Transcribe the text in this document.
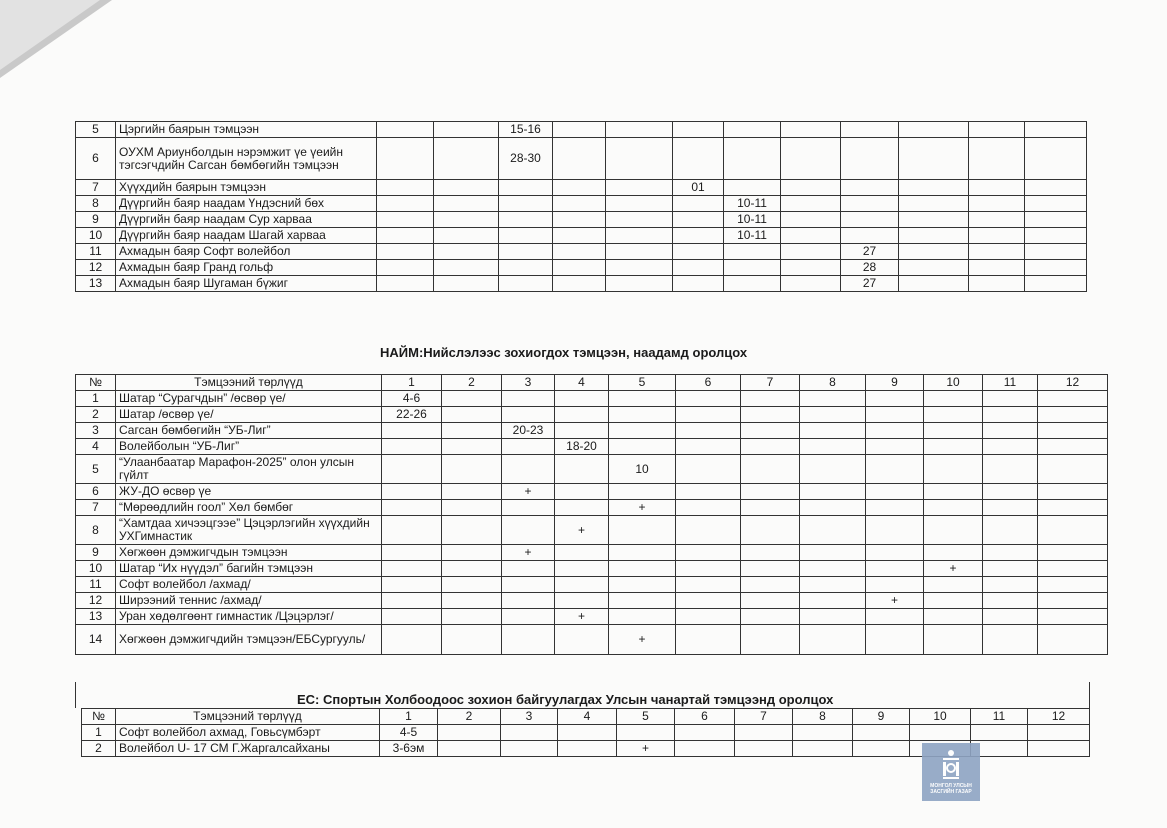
5	Цэргийн баярын тэмцээн			15-16									
6	ОУХМ Ариунболдын нэрэмжит үе үеийн тэгсэгчдийн Сагсан бөмбөгийн тэмцээн			28-30									
7	Хүүхдийн баярын тэмцээн						01						
8	Дүүргийн баяр наадам Үндэсний бөх							10-11					
9	Дүүргийн баяр наадам Сур харваа							10-11					
10	Дүүргийн баяр наадам Шагай харваа							10-11					
11	Ахмадын баяр Софт волейбол									27			
12	Ахмадын баяр Гранд гольф									28			
13	Ахмадын баяр Шугаман бүжиг									27			
НАЙМ:Нийслэлээс зохиогдох тэмцээн, наадамд оролцох
№	Тэмцээний төрлүүд	1	2	3	4	5	6	7	8	9	10	11	12
1	Шатар “Сурагчдын” /өсвөр үе/	4-6											
2	Шатар /өсвөр үе/	22-26											
3	Сагсан бөмбөгийн “УБ-Лиг”			20-23									
4	Волейболын “УБ-Лиг”				18-20								
5	“Улаанбаатар Марафон-2025” олон улсын гүйлт					10							
6	ЖУ-ДО өсвөр үе			+									
7	“Мөрөөдлийн гоол” Хөл бөмбөг					+							
8	“Хамтдаа хичээцгээе” Цэцэрлэгийн хүүхдийн УХГимнастик				+								
9	Хөгжөөн дэмжигчдын тэмцээн			+									
10	Шатар “Их нүүдэл” багийн тэмцээн										+		
11	Софт волейбол /ахмад/												
12	Ширээний теннис /ахмад/									+			
13	Уран хөдөлгөөнт гимнастик /Цэцэрлэг/				+								
14	Хөгжөөн дэмжигчдийн тэмцээн/ЕБСургууль/					+							
ЕС: Спортын Холбоодоос зохион байгуулагдах Улсын чанартай тэмцээнд оролцох
№	Тэмцээний төрлүүд	1	2	3	4	5	6	7	8	9	10	11	12
1	Софт волейбол ахмад, Говьсүмбэрт	4-5											
2	Волейбол U- 17 СМ Г.Жаргалсайханы	3-6эм				+							
МОНГОЛ УЛСЫН
ЗАСГИЙН ГАЗАР
